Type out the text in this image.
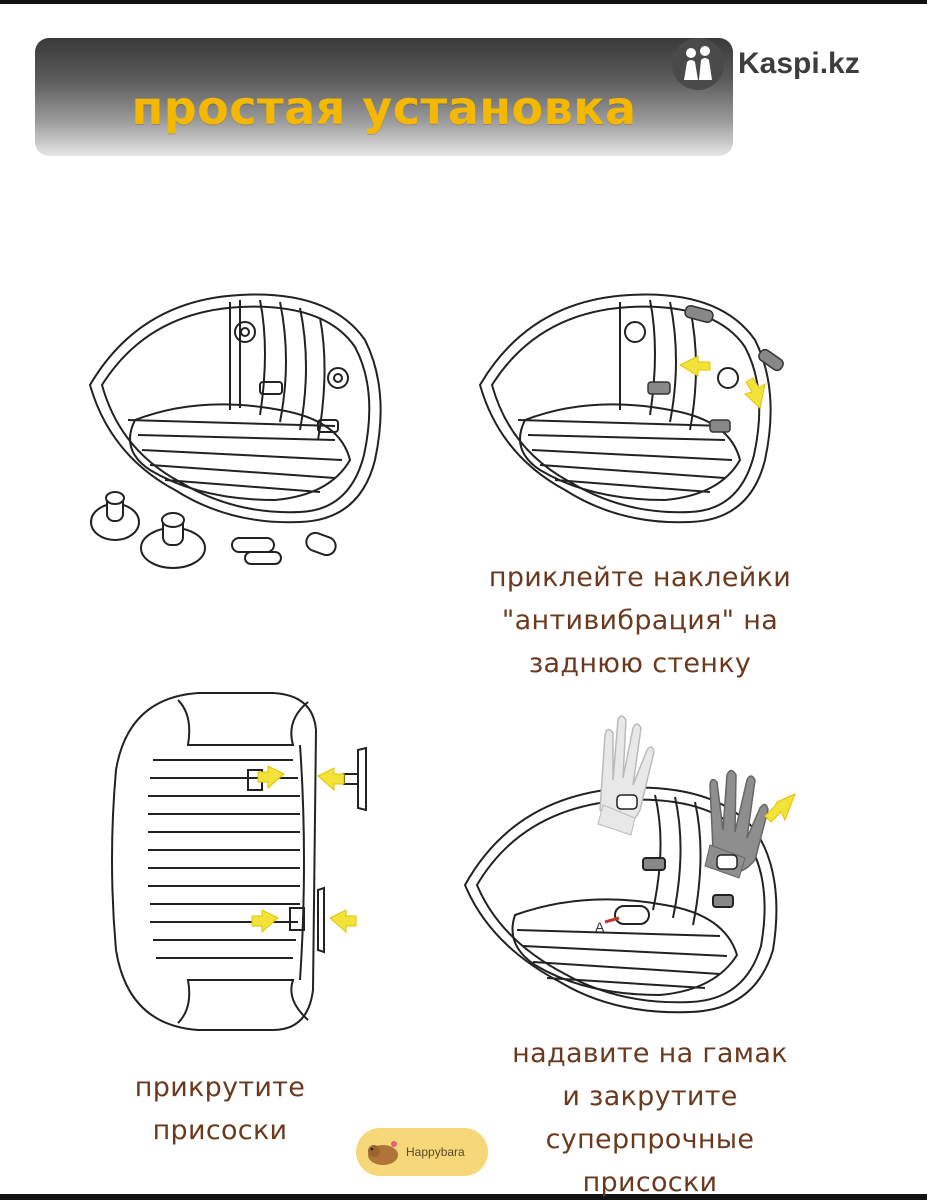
простая установка
Kaspi.kz
приклейте наклейки
"антивибрация" на
заднюю стенку
прикрутите
присоски
A
надавите на гамак
и закрутите
суперпрочные
присоски
Happybara
